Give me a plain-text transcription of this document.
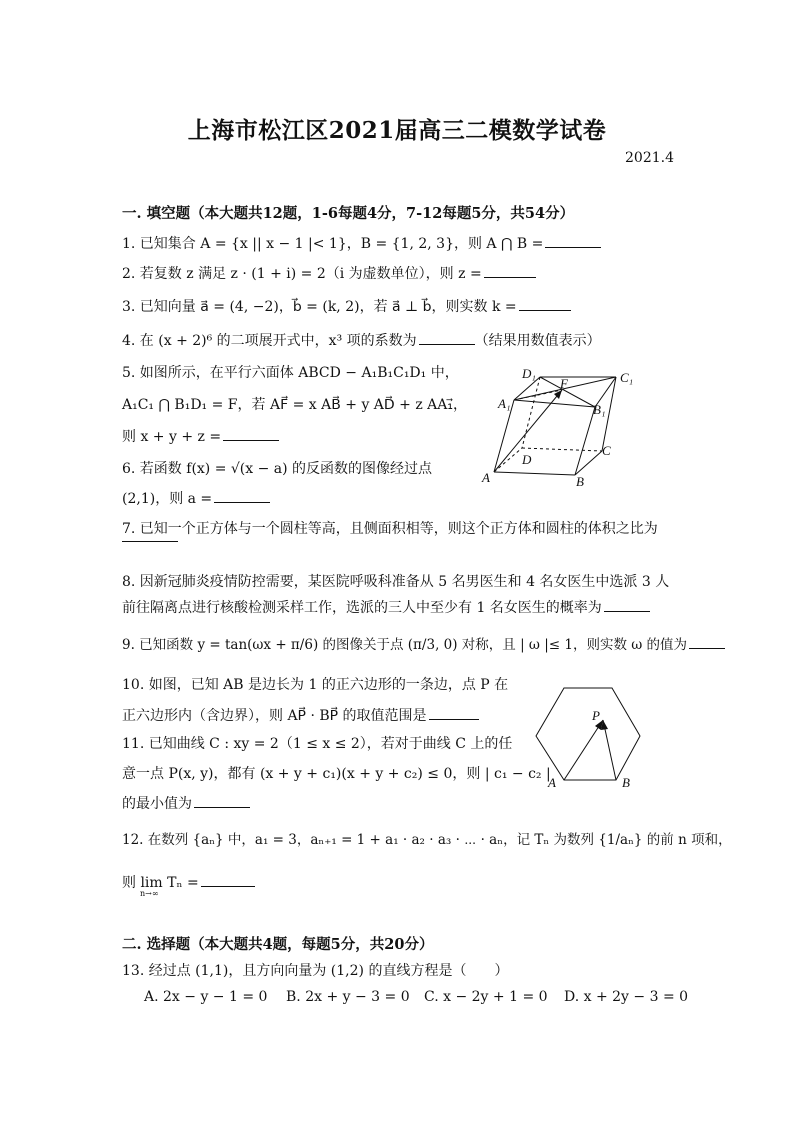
上海市松江区2021届高三二模数学试卷
2021.4
一. 填空题（本大题共12题，1-6每题4分，7-12每题5分，共54分）
1. 已知集合 A = {x || x − 1 |< 1}，B = {1, 2, 3}，则 A ⋂ B =
2. 若复数 z 满足 z · (1 + i) = 2（i 为虚数单位），则 z =
3. 已知向量 a⃗ = (4, −2)，b⃗ = (k, 2)，若 a⃗ ⊥ b⃗，则实数 k =
4. 在 (x + 2)⁶ 的二项展开式中，x³ 项的系数为	（结果用数值表示）
5. 如图所示，在平行六面体 ABCD − A₁B₁C₁D₁ 中，
A₁C₁ ⋂ B₁D₁ = F，若 AF⃗ = x AB⃗ + y AD⃗ + z AA₁⃗，
则 x + y + z =
6. 若函数 f(x) = √(x − a) 的反函数的图像经过点
(2,1)，则 a =
7. 已知一个正方体与一个圆柱等高，且侧面积相等，则这个正方体和圆柱的体积之比为
8. 因新冠肺炎疫情防控需要，某医院呼吸科准备从 5 名男医生和 4 名女医生中选派 3 人
前往隔离点进行核酸检测采样工作，选派的三人中至少有 1 名女医生的概率为
9. 已知函数 y = tan(ωx + π/6) 的图像关于点 (π/3, 0) 对称，且 | ω |≤ 1，则实数 ω 的值为
10. 如图，已知 AB 是边长为 1 的正六边形的一条边，点 P 在
正六边形内（含边界），则 AP⃗ · BP⃗ 的取值范围是
11. 已知曲线 C : xy = 2（1 ≤ x ≤ 2），若对于曲线 C 上的任
意一点 P(x, y)，都有 (x + y + c₁)(x + y + c₂) ≤ 0，则 | c₁ − c₂ |
的最小值为
12. 在数列 {aₙ} 中，a₁ = 3，aₙ₊₁ = 1 + a₁ · a₂ · a₃ · ⋯ · aₙ，记 Tₙ 为数列 {1/aₙ} 的前 n 项和，
则 lim Tₙ =
n→∞
二. 选择题（本大题共4题，每题5分，共20分）
13. 经过点 (1,1)，且方向向量为 (1,2) 的直线方程是（　　）
A. 2x − y − 1 = 0 B. 2x + y − 3 = 0 C. x − 2y + 1 = 0 D. x + 2y − 3 = 0
D₁
F	C₁
A₁	B₁
D
C
A	B
P
A	B
